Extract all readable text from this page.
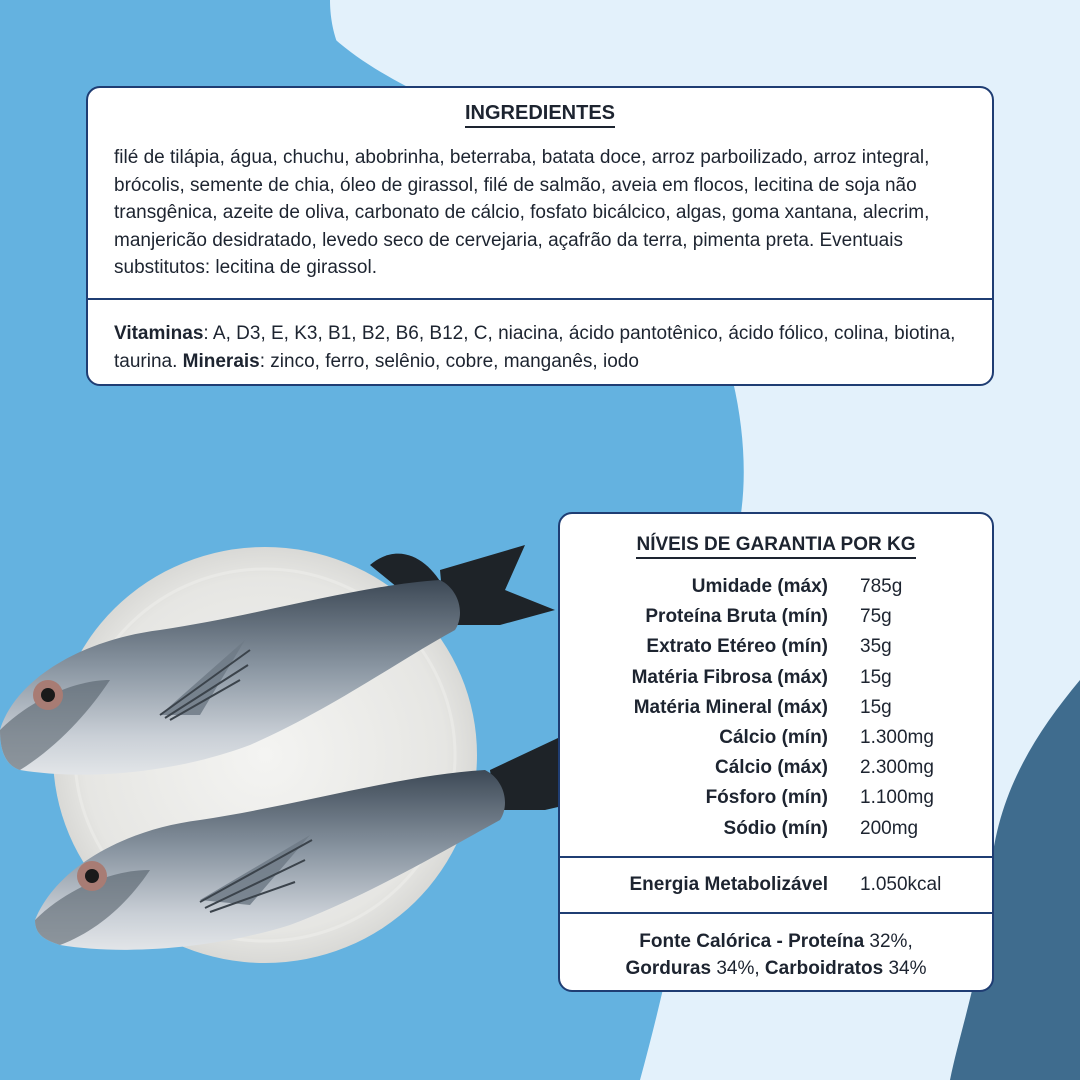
INGREDIENTES
filé de tilápia, água, chuchu, abobrinha, beterraba, batata doce, arroz parboilizado, arroz integral, brócolis, semente de chia, óleo de girassol, filé de salmão, aveia em flocos, lecitina de soja não transgênica, azeite de oliva, carbonato de cálcio, fosfato bicálcico, algas, goma xantana, alecrim, manjericão desidratado, levedo seco de cervejaria, açafrão da terra, pimenta preta. Eventuais substitutos: lecitina de girassol.
Vitaminas: A, D3, E, K3, B1, B2, B6, B12, C, niacina, ácido pantotênico, ácido fólico, colina, biotina, taurina. Minerais: zinco, ferro, selênio, cobre, manganês, iodo
NÍVEIS DE GARANTIA POR KG
Umidade (máx) 785g
Proteína Bruta (mín) 75g
Extrato Etéreo (mín) 35g
Matéria Fibrosa (máx) 15g
Matéria Mineral (máx) 15g
Cálcio (mín) 1.300mg
Cálcio (máx) 2.300mg
Fósforo (mín) 1.100mg
Sódio (mín) 200mg
Energia Metabolizável 1.050kcal
Fonte Calórica - Proteína 32%,
Gorduras 34%, Carboidratos 34%
